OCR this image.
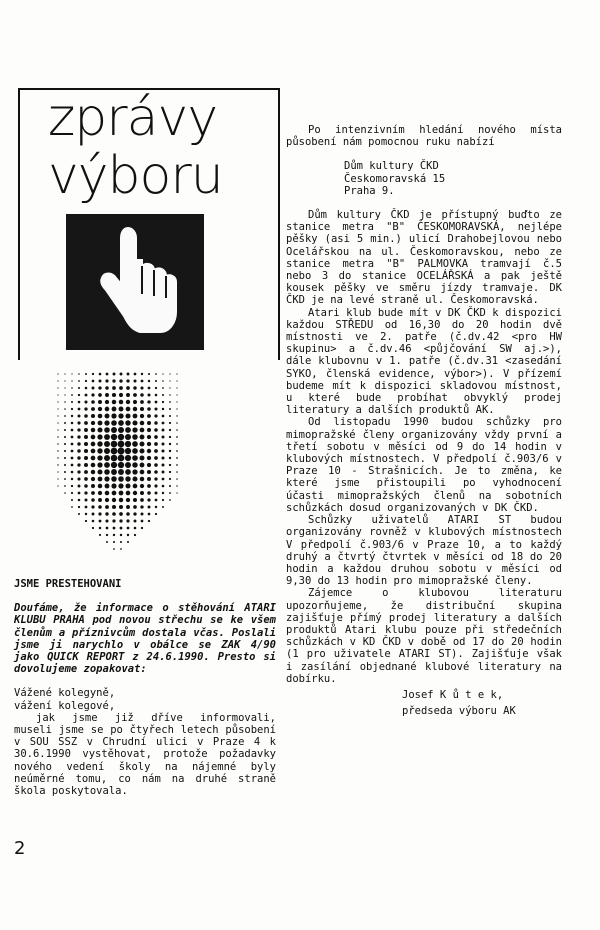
zprávy
výboru

JSME PRESTEHOVANI

Doufáme, že informace o stěhování ATARI KLUBU PRAHA pod novou střechu se ke všem členům a příznivcům dostala včas. Poslali jsme ji narychlo v obálce se ZAK 4/90 jako QUICK REPORT z 24.6.1990. Presto si dovolujeme zopakovat:

Vážené kolegyně,

vážení kolegové,

jak jsme již dříve informovali, museli jsme se po čtyřech letech působení v SOU SSZ v Chrudní ulici v Praze 4 k 30.6.1990 vystěhovat, protože požadavky nového vedení školy na nájemné byly neúměrné tomu, co nám na druhé straně škola poskytovala.

Po intenzivním hledání nového místa působení nám pomocnou ruku nabízí

Dům kultury ČKD
Českomoravská 15
Praha 9.

Dům kultury ČKD je přístupný buďto ze stanice metra "B" ČESKOMORAVSKÁ, nejlépe pěšky (asi 5 min.) ulicí Drahobejlovou nebo Ocelářskou na ul. Českomoravskou, nebo ze stanice metra "B" PALMOVKA tramvají č.5 nebo 3 do stanice OCELÁŘSKÁ a pak ještě kousek pěšky ve směru jízdy tramvaje. DK ČKD je na levé straně ul. Českomoravská.

Atari klub bude mít v DK ČKD k dispozici každou STŘEDU od 16,30 do 20 hodin dvě místnosti ve 2. patře (č.dv.42 <pro HW skupinu> a č.dv.46 <půjčování SW aj.>), dále klubovnu v 1. patře (č.dv.31 <zasedání SYKO, členská evidence, výbor>). V přízemí budeme mít k dispozici skladovou místnost, u které bude probíhat obvyklý prodej literatury a dalších produktů AK.

Od listopadu 1990 budou schůzky pro mimopražské členy organizovány vždy první a třetí sobotu v měsíci od 9 do 14 hodin v klubových místnostech. V předpolí č.903/6 v Praze 10 - Strašnicích. Je to změna, ke které jsme přistoupili po vyhodnocení účasti mimopražských členů na sobotních schůzkách dosud organizovaných v DK ČKD.

Schůzky uživatelů ATARI ST budou organizovány rovněž v klubových místnostech V předpolí č.903/6 v Praze 10, a to každý druhý a čtvrtý čtvrtek v měsíci od 18 do 20 hodin a každou druhou sobotu v měsíci od 9,30 do 13 hodin pro mimopražské členy.

Zájemce o klubovou literaturu upozorňujeme, že distribuční skupina zajišťuje přímý prodej literatury a dalších produktů Atari klubu pouze při středečních schůzkách v KD ČKD v době od 17 do 20 hodin (1 pro uživatele ATARI ST). Zajišťuje však i zasílání objednané klubové literatury na dobírku.

Josef K ů t e k,

předseda výboru AK

2
